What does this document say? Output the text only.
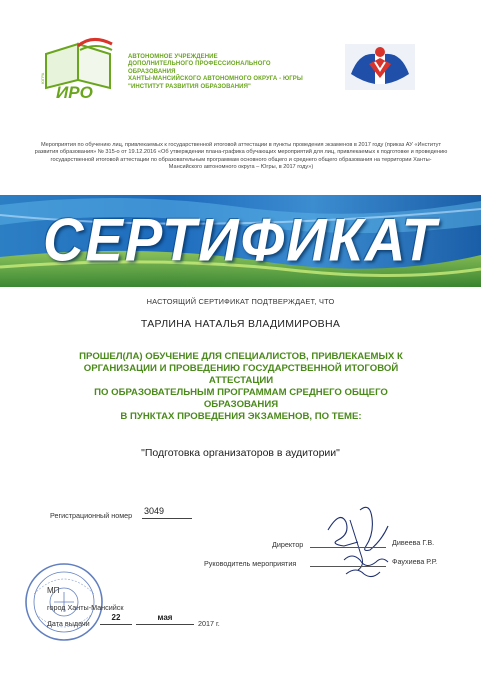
ИРО
ЮГРА
АВТОНОМНОЕ УЧРЕЖДЕНИЕ
ДОПОЛНИТЕЛЬНОГО ПРОФЕССИОНАЛЬНОГО ОБРАЗОВАНИЯ
ХАНТЫ-МАНСИЙСКОГО АВТОНОМНОГО ОКРУГА - ЮГРЫ
"ИНСТИТУТ РАЗВИТИЯ ОБРАЗОВАНИЯ"
Мероприятия по обучению лиц, привлекаемых к государственной итоговой аттестации в пункты проведения экзаменов в 2017 году (приказ АУ «Институт развития образования» № 315-о от 19.12.2016 «Об утверждении плана-графика обучающих мероприятий для лиц, привлекаемых к подготовке и проведению государственной итоговой аттестации по образовательным программам основного общего и среднего общего образования на территории Ханты-Мансийского автономного округа – Югры, в 2017 году»)
СЕРТИФИКАТ
НАСТОЯЩИЙ СЕРТИФИКАТ ПОДТВЕРЖДАЕТ, ЧТО
ТАРЛИНА НАТАЛЬЯ ВЛАДИМИРОВНА
ПРОШЕЛ(ЛА) ОБУЧЕНИЕ ДЛЯ СПЕЦИАЛИСТОВ, ПРИВЛЕКАЕМЫХ К
ОРГАНИЗАЦИИ И ПРОВЕДЕНИЮ ГОСУДАРСТВЕННОЙ ИТОГОВОЙ АТТЕСТАЦИИ
ПО ОБРАЗОВАТЕЛЬНЫМ ПРОГРАММАМ СРЕДНЕГО ОБЩЕГО ОБРАЗОВАНИЯ
В ПУНКТАХ ПРОВЕДЕНИЯ ЭКЗАМЕНОВ, ПО ТЕМЕ:
"Подготовка организаторов в аудитории"
Регистрационный номер 3049
Директор	Дивеева Г.В.
Руководитель мероприятия	Фаухиева Р.Р.
МП
город Ханты-Мансийск
Дата выдачи
22	мая
2017 г.
